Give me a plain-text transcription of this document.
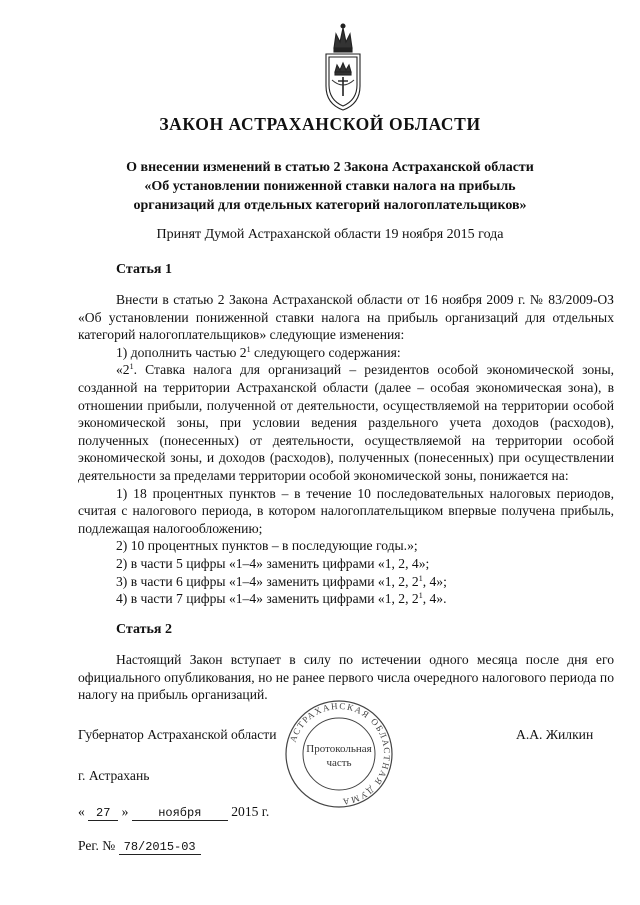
ЗАКОН АСТРАХАНСКОЙ ОБЛАСТИ
О внесении изменений в статью 2 Закона Астраханской области
«Об установлении пониженной ставки налога на прибыль
организаций для отдельных категорий налогоплательщиков»
Принят Думой Астраханской области 19 ноября 2015 года
Статья 1

Внести в статью 2 Закона Астраханской области от 16 ноября 2009 г. № 83/2009-ОЗ «Об установлении пониженной ставки налога на прибыль организаций для отдельных категорий налогоплательщиков» следующие изменения:

1) дополнить частью $2^1$ следующего содержания:

«$2^1$. Ставка налога для организаций – резидентов особой экономической зоны, созданной на территории Астраханской области (далее – особая экономическая зона), в отношении прибыли, полученной от деятельности, осуществляемой на территории особой экономической зоны, при условии ведения раздельного учета доходов (расходов), полученных (понесенных) от деятельности, осуществляемой на территории особой экономической зоны, и доходов (расходов), полученных (понесенных) при осуществлении деятельности за пределами территории особой экономической зоны, понижается на:

1) 18 процентных пунктов – в течение 10 последовательных налоговых периодов, считая с налогового периода, в котором налогоплательщиком впервые получена прибыль, подлежащая налогообложению;

2) 10 процентных пунктов – в последующие годы.»;

2) в части 5 цифры «1–4» заменить цифрами «1, 2, 4»;

3) в части 6 цифры «1–4» заменить цифрами «1, 2, $2^1$, 4»;

4) в части 7 цифры «1–4» заменить цифрами «1, 2, $2^1$, 4».

Статья 2

Настоящий Закон вступает в силу по истечении одного месяца после дня его официального опубликования, но не ранее первого числа очередного налогового периода по налогу на прибыль организаций.

Губернатор Астраханской области	А.А. Жилкин
АСТРАХАНСКАЯ ОБЛАСТНАЯ ДУМА
Протокольная
часть
г. Астрахань
« 27 » ноября 2015 г.
Рег. № 78/2015-03
